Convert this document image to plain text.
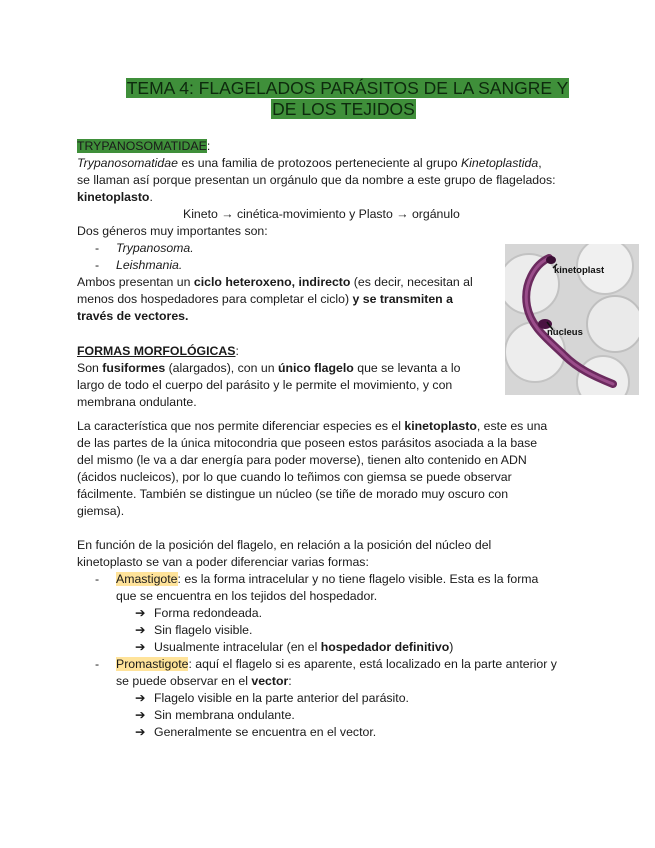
TEMA 4: FLAGELADOS PARÁSITOS DE LA SANGRE Y
DE LOS TEJIDOS
TRYPANOSOMATIDAE:
Trypanosomatidae es una familia de protozoos perteneciente al grupo Kinetoplastida,
se llaman así porque presentan un orgánulo que da nombre a este grupo de flagelados:
kinetoplasto.
Kineto → cinética-movimiento y Plasto → orgánulo
Dos géneros muy importantes son:
- Trypanosoma.
- Leishmania.
Ambos presentan un ciclo heteroxeno, indirecto (es decir, necesitan al
menos dos hospedadores para completar el ciclo) y se transmiten a
través de vectores.
kinetoplast
nucleus
FORMAS MORFOLÓGICAS:
Son fusiformes (alargados), con un único flagelo que se levanta a lo
largo de todo el cuerpo del parásito y le permite el movimiento, y con
membrana ondulante.
La característica que nos permite diferenciar especies es el kinetoplasto, este es una
de las partes de la única mitocondria que poseen estos parásitos asociada a la base
del mismo (le va a dar energía para poder moverse), tienen alto contenido en ADN
(ácidos nucleicos), por lo que cuando lo teñimos con giemsa se puede observar
fácilmente. También se distingue un núcleo (se tiñe de morado muy oscuro con
giemsa).
En función de la posición del flagelo, en relación a la posición del núcleo del
kinetoplasto se van a poder diferenciar varias formas:
- Amastigote: es la forma intracelular y no tiene flagelo visible. Esta es la forma
que se encuentra en los tejidos del hospedador.
➔ Forma redondeada.
➔ Sin flagelo visible.
➔ Usualmente intracelular (en el hospedador definitivo)
- Promastigote: aquí el flagelo si es aparente, está localizado en la parte anterior y
se puede observar en el vector:
➔ Flagelo visible en la parte anterior del parásito.
➔ Sin membrana ondulante.
➔ Generalmente se encuentra en el vector.
